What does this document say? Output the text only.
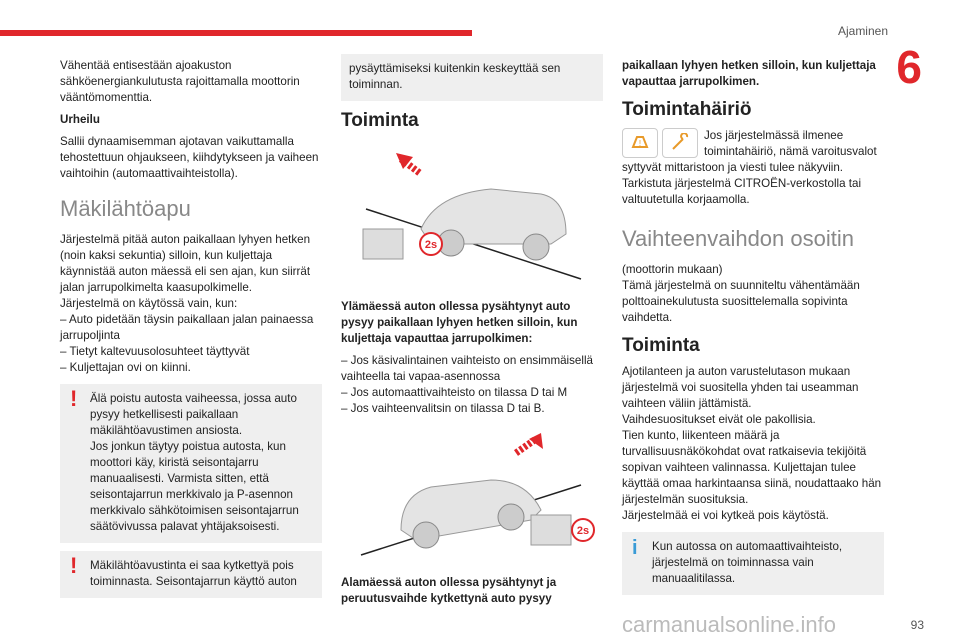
Ajaminen
6

Vähentää entisestään ajoakuston sähköenergiankulutusta rajoittamalla moottorin vääntömomenttia.

Urheilu

Sallii dynaamisemman ajotavan vaikuttamalla tehostettuun ohjaukseen, kiihdytykseen ja vaiheen vaihtoihin (automaattivaihteistolla).

Mäkilähtöapu

Järjestelmä pitää auton paikallaan lyhyen hetken (noin kaksi sekuntia) silloin, kun kuljettaja käynnistää auton mäessä eli sen ajan, kun siirrät jalan jarrupolkimelta kaasupolkimelle.

Järjestelmä on käytössä vain, kun:

– Auto pidetään täysin paikallaan jalan painaessa jarrupoljinta
– Tietyt kaltevuusolosuhteet täyttyvät
– Kuljettajan ovi on kiinni.
!	Älä poistu autosta vaiheessa, jossa auto pysyy hetkellisesti paikallaan mäkilähtöavustimen ansiosta.
Jos jonkun täytyy poistua autosta, kun moottori käy, kiristä seisontajarru manuaalisesti. Varmista sitten, että seisontajarrun merkkivalo ja P-asennon merkkivalo sähkötoimisen seisontajarrun säätövivussa palavat yhtäjaksoisesti.
! Mäkilähtöavustinta ei saa kytkettyä pois toiminnasta. Seisontajarrun käyttö auton
pysäyttämiseksi kuitenkin keskeyttää sen toiminnan.
Toiminta
2s

Ylämäessä auton ollessa pysähtynyt auto pysyy paikallaan lyhyen hetken silloin, kun kuljettaja vapauttaa jarrupolkimen:

– Jos käsivalintainen vaihteisto on ensimmäisellä vaihteella tai vapaa-asennossa
– Jos automaattivaihteisto on tilassa D tai M
– Jos vaihteenvalitsin on tilassa D tai B.
2s

Alamäessä auton ollessa pysähtynyt ja peruutusvaihde kytkettynä auto pysyy

paikallaan lyhyen hetken silloin, kun kuljettaja vapauttaa jarrupolkimen.

Toimintahäiriö
!
Jos järjestelmässä ilmenee toimintahäiriö, nämä varoitusvalot syttyvät mittaristoon ja viesti tulee näkyviin. Tarkistuta järjestelmä CITROËN-verkostolla tai valtuutetulla korjaamolla.
Vaihteenvaihdon osoitin

(moottorin mukaan)
Tämä järjestelmä on suunniteltu vähentämään polttoainekulutusta suosittelemalla sopivinta vaihdetta.

Toiminta

Ajotilanteen ja auton varustelutason mukaan järjestelmä voi suositella yhden tai useamman vaihteen väliin jättämistä.
Vaihdesuositukset eivät ole pakollisia.
Tien kunto, liikenteen määrä ja turvallisuusnäkökohdat ovat ratkaisevia tekijöitä sopivan vaihteen valinnassa. Kuljettajan tulee käyttää omaa harkintaansa siinä, noudattaako hän järjestelmän suosituksia.
Järjestelmää ei voi kytkeä pois käytöstä.

i Kun autossa on automaattivaihteisto, järjestelmä on toiminnassa vain manuaalitilassa.
carmanualsonline.info	93
